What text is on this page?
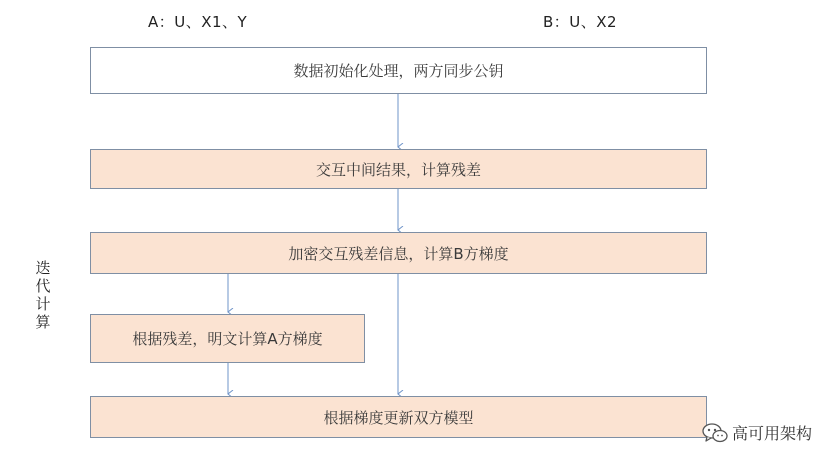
A：U、X1、Y	B：U、X2
数据初始化处理，两方同步公钥
交互中间结果，计算残差
加密交互残差信息，计算B方梯度
根据残差，明文计算A方梯度
根据梯度更新双方模型
迭
代
计
算
高可用架构
